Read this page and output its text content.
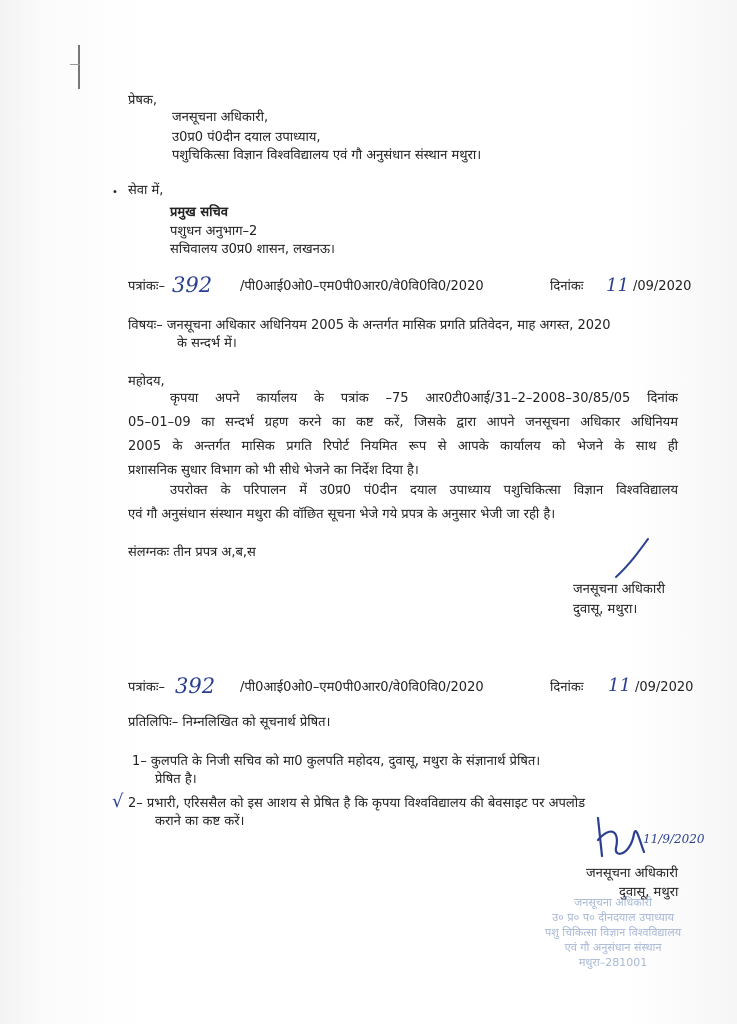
प्रेषक,
जनसूचना अधिकारी,
उ0प्र0 पं0दीन दयाल उपाध्याय,
पशुचिकित्सा विज्ञान विश्वविद्यालय एवं गौ अनुसंधान संस्थान मथुरा।
• सेवा में,
प्रमुख सचिव
पशुधन अनुभाग–2
सचिवालय उ0प्र0 शासन, लखनऊ।
पत्रांकः– 392 /पी0आई0ओ0–एम0पी0आर0/वे0वि0वि0/2020	दिनांकः 11 /09/2020
विषयः– जनसूचना अधिकार अधिनियम 2005 के अन्तर्गत मासिक प्रगति प्रतिवेदन, माह अगस्त, 2020
के सन्दर्भ में।
महोदय,
कृपया अपने कार्यालय के पत्रांक –75 आर0टी0आई/31–2–2008–30/85/05 दिनांक
05–01–09 का सन्दर्भ ग्रहण करने का कष्ट करें, जिसके द्वारा आपने जनसूचना अधिकार अधिनियम
2005 के अन्तर्गत मासिक प्रगति रिपोर्ट नियमित रूप से आपके कार्यालय को भेजने के साथ ही
प्रशासनिक सुधार विभाग को भी सीधे भेजने का निर्देश दिया है।
उपरोक्त के परिपालन में उ0प्र0 पं0दीन दयाल उपाध्याय पशुचिकित्सा विज्ञान विश्वविद्यालय
एवं गौ अनुसंधान संस्थान मथुरा की वॉछित सूचना भेजे गये प्रपत्र के अनुसार भेजी जा रही है।
संलग्नकः तीन प्रपत्र अ,ब,स
जनसूचना अधिकारी
दुवासू, मथुरा।
पत्रांकः– 392 /पी0आई0ओ0–एम0पी0आर0/वे0वि0वि0/2020	दिनांकः 11 /09/2020
प्रतिलिपिः– निम्नलिखित को सूचनार्थ प्रेषित।
1– कुलपति के निजी सचिव को मा0 कुलपति महोदय, दुवासू, मथुरा के संज्ञानार्थ प्रेषित।
प्रेषित है।
√ 2– प्रभारी, एरिससैल को इस आशय से प्रेषित है कि कृपया विश्वविद्यालय की बेवसाइट पर अपलोड
कराने का कष्ट करें।
11/9/2020
जनसूचना अधिकारी
दुवासू, मथुरा
जनसूचना अधिकारी
उ० प्र० प० दीनदयाल उपाध्याय
पशु चिकित्सा विज्ञान विश्वविद्यालय
एवं गौ अनुसंधान संस्थान
मथुरा–281001
